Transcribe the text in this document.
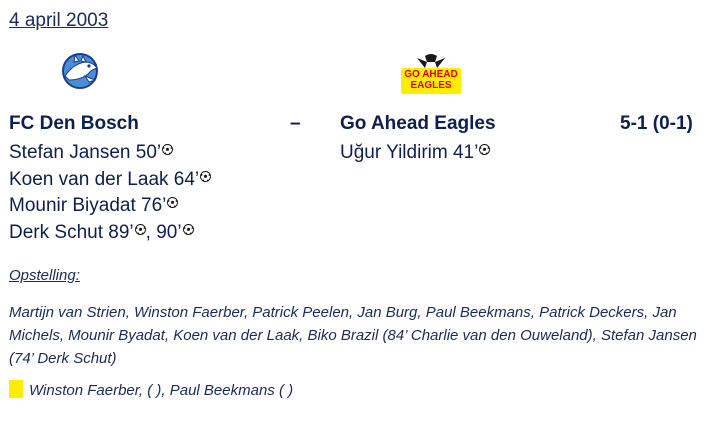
4 april 2003
GO AHEAD
EAGLES
FC Den Bosch	– Go Ahead Eagles	5-1 (0-1)
Stefan Jansen 50’
Koen van der Laak 64’
Mounir Biyadat 76’
Derk Schut 89’ , 90’
Uğur Yildirim 41’
Opstelling:
Martijn van Strien, Winston Faerber, Patrick Peelen, Jan Burg, Paul Beekmans, Patrick Deckers, Jan Michels, Mounir Byadat, Koen van der Laak, Biko Brazil (84’ Charlie van den Ouweland), Stefan Jansen (74’ Derk Schut)
Winston Faerber, ( ), Paul Beekmans ( )
